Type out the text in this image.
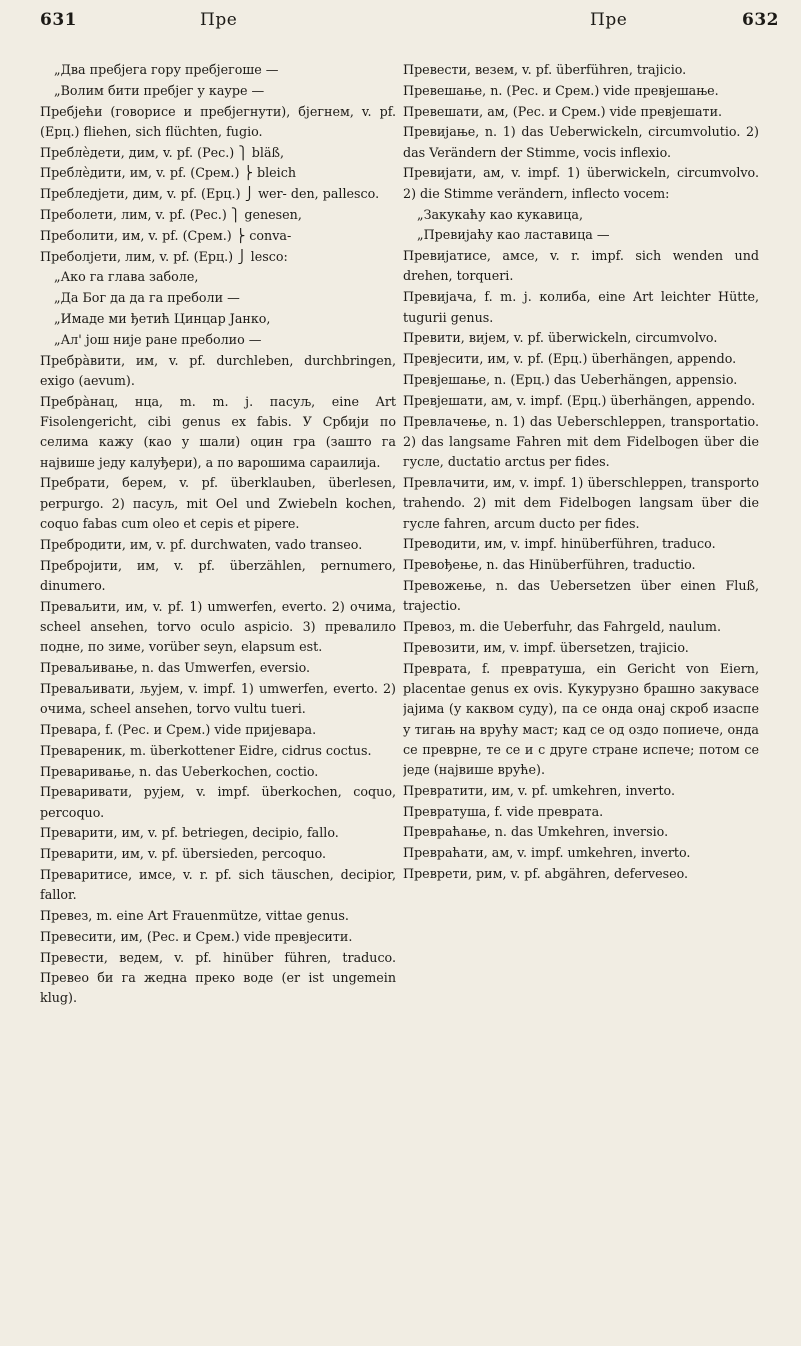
631	Пре	Пре	632
„Два пребјега гору пребјегоше —
„Волим бити пребјег у кауре —
Пребјећи (говорисе и пребјегнути), бјегнем, v. pf. (Ерц.) fliehen, sich flüchten, fugio.
Преблѐдети, дим, v. pf. (Рес.) ⎫ bläß,
Преблѐдити, им, v. pf. (Срем.) ⎬ bleich
Пребледјети, дим, v. pf. (Ерц.) ⎭ wer- den, pallesco.
Преболети, лим, v. pf. (Рес.) ⎫ genesen,
Преболити, им, v. pf. (Срем.) ⎬ conva-
Преболјети, лим, v. pf. (Ерц.) ⎭ lesco:
„Ако га глава заболе,
„Да Бог да да га преболи —
„Имаде ми ђетић Цинцар Јанко,
„Ал' још није ране преболио —
Пребрàвити, им, v. pf. durchleben, durchbringen, exigo (aevum).
Пребрàнац, нца, m. m. j. пасуљ, eine Art Fisolengericht, cibi genus ex fabis. У Србији по селима кажу (као у шали) оцин гра (зашто га највише једу калуђери), а по варошима сараилија.
Пребрати, берем, v. pf. überklauben, überlesen, perpurgo. 2) пасуљ, mit Oel und Zwiebeln kochen, coquo fabas cum oleo et cepis et pipere.
Пребродити, им, v. pf. durchwaten, vado transeo.
Пребројити, им, v. pf. überzählen, pernumero, dinumero.
Преваљити, им, v. pf. 1) umwerfen, everto. 2) очима, scheel ansehen, torvo oculo aspicio. 3) превалило подне, по зиме, vorüber seyn, elapsum est.
Преваљивање, n. das Umwerfen, eversio.
Преваљивати, љујем, v. impf. 1) umwerfen, everto. 2) очима, scheel ansehen, torvo vultu tueri.
Превара, f. (Рес. и Срем.) vide пријевара.
Превареник, m. überkottener Eidre, cidrus coctus.
Преваривање, n. das Ueberkochen, coctio.
Преваривати, рујем, v. impf. überkochen, coquo, percoquo.
Преварити, им, v. pf. betriegen, decipio, fallo.
Преварити, им, v. pf. übersieden, percoquo.
Преваритисе, имсе, v. r. pf. sich täuschen, decipior, fallor.
Превез, m. eine Art Frauenmütze, vittae genus.
Превесити, им, (Рес. и Срем.) vide превјесити.
Превести, ведем, v. pf. hinüber führen, traduco. Превео би га жедна преко воде (er ist ungemein klug).
Превести, везем, v. pf. überführen, trajicio.
Превешање, n. (Рес. и Срем.) vide превјешање.
Превешати, ам, (Рес. и Срем.) vide превјешати.
Превијање, n. 1) das Ueberwickeln, circumvolutio. 2) das Verändern der Stimme, vocis inflexio.
Превијати, ам, v. impf. 1) überwickeln, circumvolvo. 2) die Stimme verändern, inflecto vocem:
„Закукаћу као кукавица,
„Превијаћу као ластавица —
Превијатисе, амсе, v. r. impf. sich wenden und drehen, torqueri.
Превијача, f. m. j. колиба, eine Art leichter Hütte, tugurii genus.
Превити, вијем, v. pf. überwickeln, circumvolvo.
Превјесити, им, v. pf. (Ерц.) überhängen, appendo.
Превјешање, n. (Ерц.) das Ueberhängen, appensio.
Превјешати, ам, v. impf. (Ерц.) überhängen, appendo.
Превлачење, n. 1) das Ueberschleppen, transportatio. 2) das langsame Fahren mit dem Fidelbogen über die гусле, ductatio arctus per fides.
Превлачити, им, v. impf. 1) überschleppen, transporto trahendo. 2) mit dem Fidelbogen langsam über die гусле fahren, arcum ducto per fides.
Преводити, им, v. impf. hinüberführen, traduco.
Превођење, n. das Hinüberführen, traductio.
Превожење, n. das Uebersetzen über einen Fluß, trajectio.
Превоз, m. die Ueberfuhr, das Fahrgeld, naulum.
Превозити, им, v. impf. übersetzen, trajicio.
Превратa, f. превратуша, ein Gericht von Eiern, placentae genus ex ovis. Кукурузно брашно закувасе јајима (у каквом суду), па се онда онај скроб изаспе у тигањ на врућу маст; кад се од оздо попиече, онда се преврне, те се и с друге стране испече; потом се једе (највише вруће).
Превратити, им, v. pf. umkehren, inverto.
Превратуша, f. vide преврата.
Превраћање, n. das Umkehren, inversio.
Превраћати, ам, v. impf. umkehren, inverto.
Преврети, рим, v. pf. abgähren, deferveseo.
